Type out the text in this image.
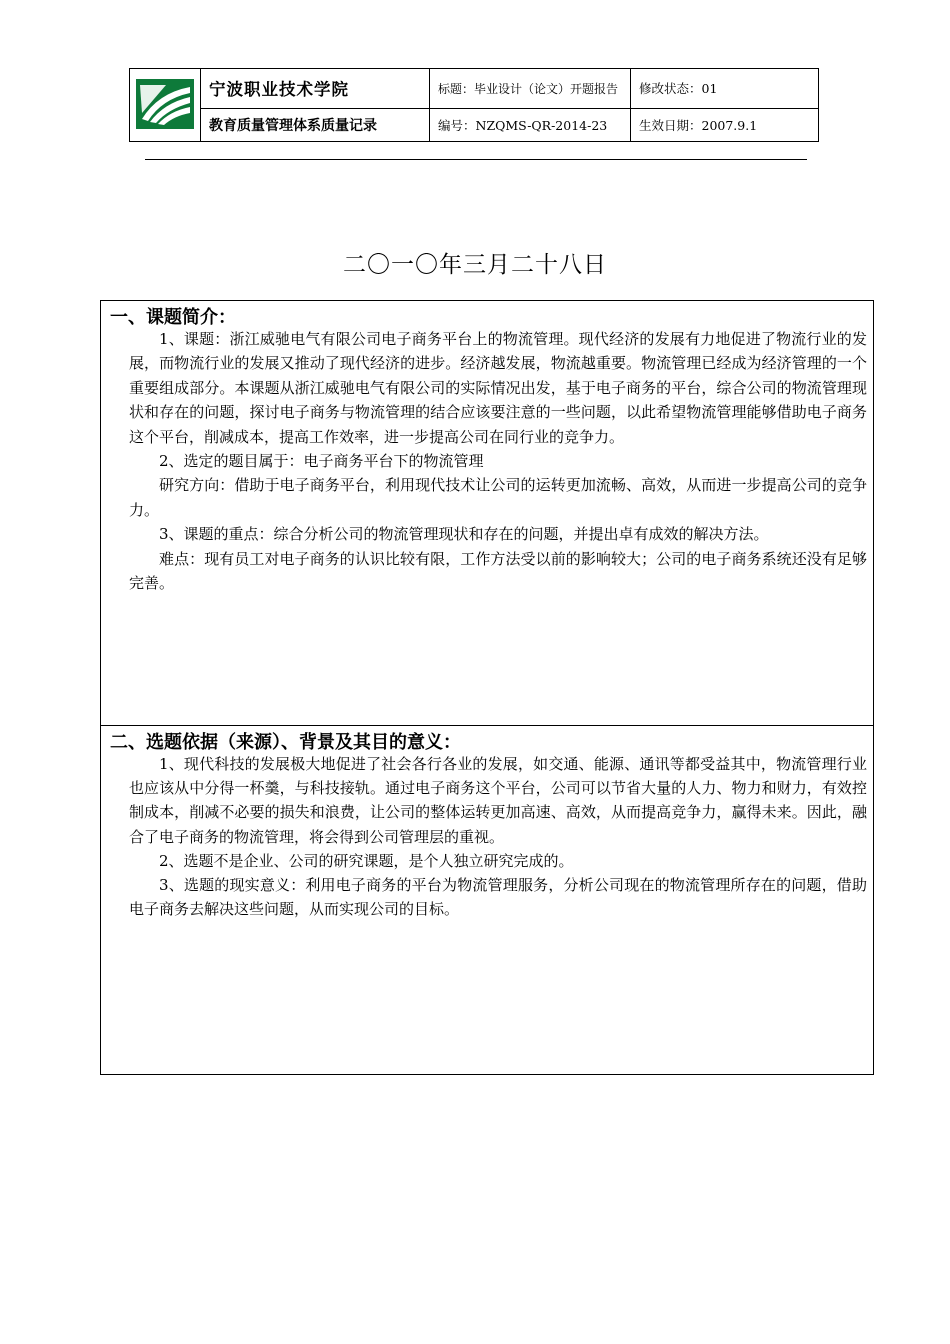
	宁波职业技术学院	标题：毕业设计（论文）开题报告	修改状态：01
	教育质量管理体系质量记录	编号：NZQMS-QR-2014-23	生效日期：2007.9.1
二〇一〇年三月二十八日
一、课题简介：

1、课题：浙江威驰电气有限公司电子商务平台上的物流管理。现代经济的发展有力地促进了物流行业的发展，而物流行业的发展又推动了现代经济的进步。经济越发展，物流越重要。物流管理已经成为经济管理的一个重要组成部分。本课题从浙江威驰电气有限公司的实际情况出发，基于电子商务的平台，综合公司的物流管理现状和存在的问题，探讨电子商务与物流管理的结合应该要注意的一些问题，以此希望物流管理能够借助电子商务这个平台，削减成本，提高工作效率，进一步提高公司在同行业的竞争力。

2、选定的题目属于：电子商务平台下的物流管理

研究方向：借助于电子商务平台，利用现代技术让公司的运转更加流畅、高效，从而进一步提高公司的竞争力。

3、课题的重点：综合分析公司的物流管理现状和存在的问题，并提出卓有成效的解决方法。

难点：现有员工对电子商务的认识比较有限，工作方法受以前的影响较大；公司的电子商务系统还没有足够完善。

二、选题依据（来源）、背景及其目的意义：

1、现代科技的发展极大地促进了社会各行各业的发展，如交通、能源、通讯等都受益其中，物流管理行业也应该从中分得一杯羹，与科技接轨。通过电子商务这个平台，公司可以节省大量的人力、物力和财力，有效控制成本，削减不必要的损失和浪费，让公司的整体运转更加高速、高效，从而提高竞争力，赢得未来。因此，融合了电子商务的物流管理，将会得到公司管理层的重视。

2、选题不是企业、公司的研究课题，是个人独立研究完成的。

3、选题的现实意义：利用电子商务的平台为物流管理服务，分析公司现在的物流管理所存在的问题，借助电子商务去解决这些问题，从而实现公司的目标。
